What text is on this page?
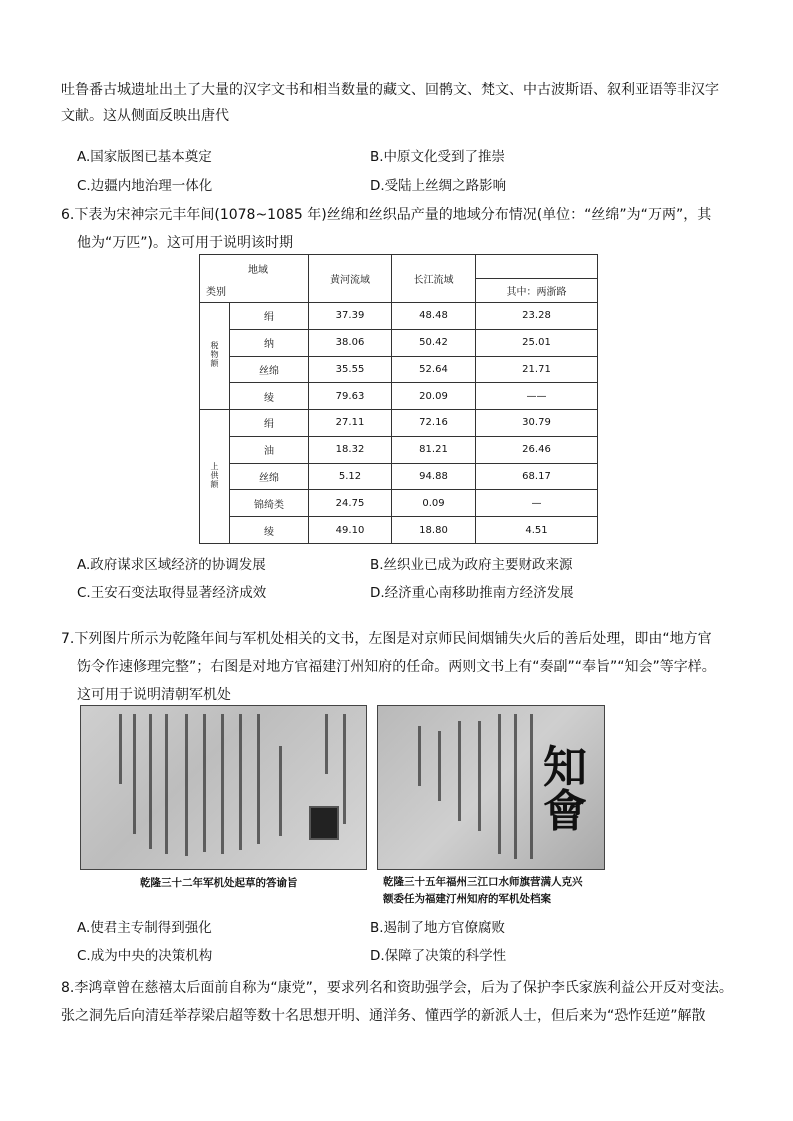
吐鲁番古城遗址出土了大量的汉字文书和相当数量的藏文、回鹘文、梵文、中古波斯语、叙利亚语等非汉字
文献。这从侧面反映出唐代
A.国家版图已基本奠定	B.中原文化受到了推崇
C.边疆内地治理一体化	D.受陆上丝绸之路影响
6.下表为宋神宗元丰年间(1078~1085 年)丝绵和丝织品产量的地域分布情况(单位：“丝绵”为“万两”，其
他为“万匹”)。这可用于说明该时期
地域
类别		黄河流域	长江流域	
				其中：两浙路
税物额	绢	37.39	48.48	23.28
	纳	38.06	50.42	25.01
	丝绵	35.55	52.64	21.71
	绫	79.63	20.09	——
上供额	绢	27.11	72.16	30.79
	油	18.32	81.21	26.46
	丝绵	5.12	94.88	68.17
	锦绮类	24.75	0.09	—
	绫	49.10	18.80	4.51
A.政府谋求区域经济的协调发展	B.丝织业已成为政府主要财政来源
C.王安石变法取得显著经济成效	D.经济重心南移助推南方经济发展
7.下列图片所示为乾隆年间与军机处相关的文书，左图是对京师民间烟铺失火后的善后处理，即由“地方官
饬令作速修理完整”；右图是对地方官福建汀州知府的任命。两则文书上有“奏副”“奉旨”“知会”等字样。
这可用于说明清朝军机处
知會
乾隆三十二年军机处起草的答谕旨	乾隆三十五年福州三江口水师旗营满人克兴
额委任为福建汀州知府的军机处档案
A.使君主专制得到强化	B.遏制了地方官僚腐败
C.成为中央的决策机构	D.保障了决策的科学性
8.李鸿章曾在慈禧太后面前自称为“康党”，要求列名和资助强学会，后为了保护李氏家族利益公开反对变法。
张之洞先后向清廷举荐梁启超等数十名思想开明、通洋务、懂西学的新派人士，但后来为“恐怍廷逆”解散
